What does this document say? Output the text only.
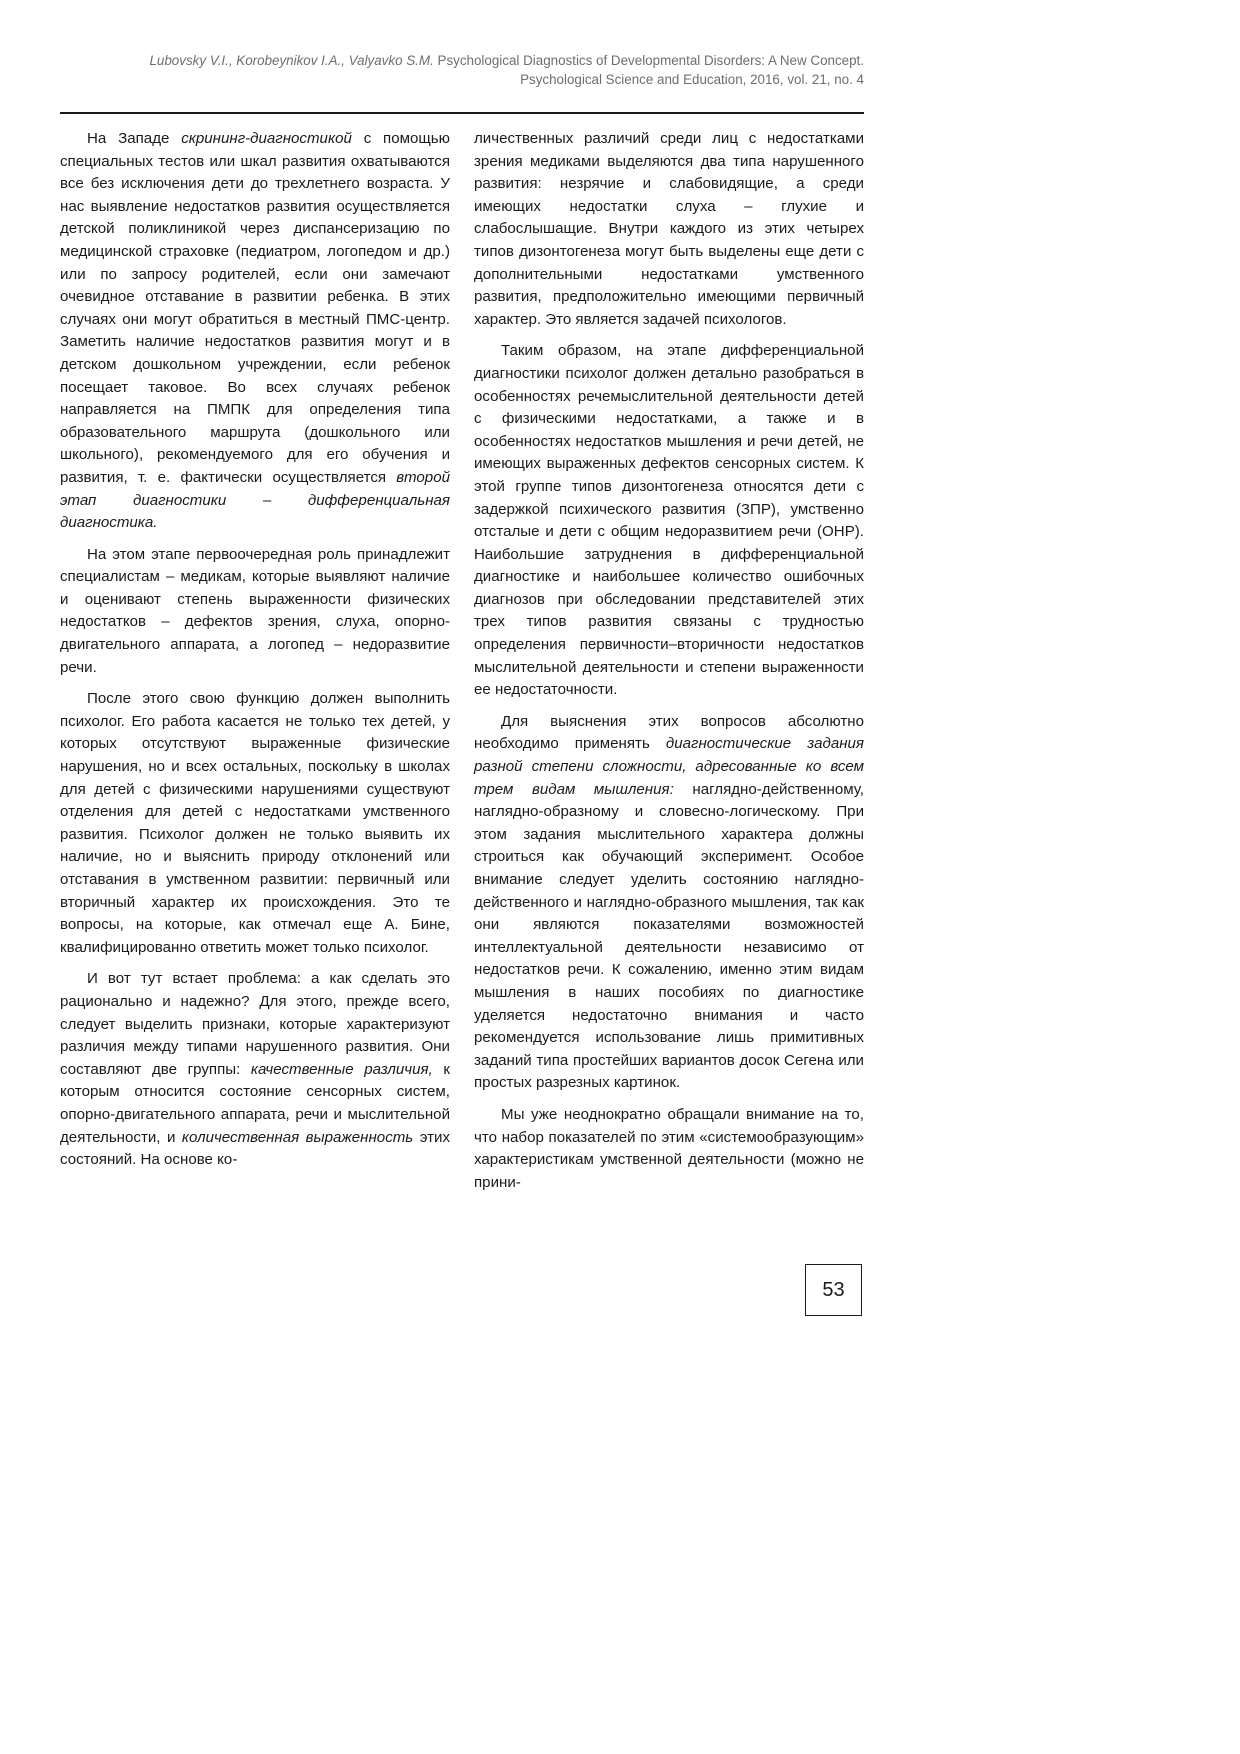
Lubovsky V.I., Korobeynikov I.A., Valyavko S.M. Psychological Diagnostics of Developmental Disorders: A New Concept.
Psychological Science and Education, 2016, vol. 21, no. 4

На Западе скрининг-диагностикой с помощью специальных тестов или шкал развития охватываются все без исключения дети до трехлетнего возраста. У нас выявление недостатков развития осуществляется детской поликлиникой через диспансеризацию по медицинской страховке (педиатром, логопедом и др.) или по запросу родителей, если они замечают очевидное отставание в развитии ребенка. В этих случаях они могут обратиться в местный ПМС-центр. Заметить наличие недостатков развития могут и в детском дошкольном учреждении, если ребенок посещает таковое. Во всех случаях ребенок направляется на ПМПК для определения типа образовательного маршрута (дошкольного или школьного), рекомендуемого для его обучения и развития, т. е. фактически осуществляется второй этап диагностики – дифференциальная диагностика.

На этом этапе первоочередная роль принадлежит специалистам – медикам, которые выявляют наличие и оценивают степень выраженности физических недостатков – дефектов зрения, слуха, опорно-двигательного аппарата, а логопед – недоразвитие речи.

После этого свою функцию должен выполнить психолог. Его работа касается не только тех детей, у которых отсутствуют выраженные физические нарушения, но и всех остальных, поскольку в школах для детей с физическими нарушениями существуют отделения для детей с недостатками умственного развития. Психолог должен не только выявить их наличие, но и выяснить природу отклонений или отставания в умственном развитии: первичный или вторичный характер их происхождения. Это те вопросы, на которые, как отмечал еще А. Бине, квалифицированно ответить может только психолог.

И вот тут встает проблема: а как сделать это рационально и надежно? Для этого, прежде всего, следует выделить признаки, которые характеризуют различия между типами нарушенного развития. Они составляют две группы: качественные различия, к которым относится состояние сенсорных систем, опорно-двигательного аппарата, речи и мыслительной деятельности, и количественная выраженность этих состояний. На основе ко-

личественных различий среди лиц с недостатками зрения медиками выделяются два типа нарушенного развития: незрячие и слабовидящие, а среди имеющих недостатки слуха – глухие и слабослышащие. Внутри каждого из этих четырех типов дизонтогенеза могут быть выделены еще дети с дополнительными недостатками умственного развития, предположительно имеющими первичный характер. Это является задачей психологов.

Таким образом, на этапе дифференциальной диагностики психолог должен детально разобраться в особенностях речемыслительной деятельности детей с физическими недостатками, а также и в особенностях недостатков мышления и речи детей, не имеющих выраженных дефектов сенсорных систем. К этой группе типов дизонтогенеза относятся дети с задержкой психического развития (ЗПР), умственно отсталые и дети с общим недоразвитием речи (ОНР). Наибольшие затруднения в дифференциальной диагностике и наибольшее количество ошибочных диагнозов при обследовании представителей этих трех типов развития связаны с трудностью определения первичности–вторичности недостатков мыслительной деятельности и степени выраженности ее недостаточности.

Для выяснения этих вопросов абсолютно необходимо применять диагностические задания разной степени сложности, адресованные ко всем трем видам мышления: наглядно-действенному, наглядно-образному и словесно-логическому. При этом задания мыслительного характера должны строиться как обучающий эксперимент. Особое внимание следует уделить состоянию наглядно-действенного и наглядно-образного мышления, так как они являются показателями возможностей интеллектуальной деятельности независимо от недостатков речи. К сожалению, именно этим видам мышления в наших пособиях по диагностике уделяется недостаточно внимания и часто рекомендуется использование лишь примитивных заданий типа простейших вариантов досок Сегена или простых разрезных картинок.

Мы уже неоднократно обращали внимание на то, что набор показателей по этим «системообразующим» характеристикам умственной деятельности (можно не прини-

53
